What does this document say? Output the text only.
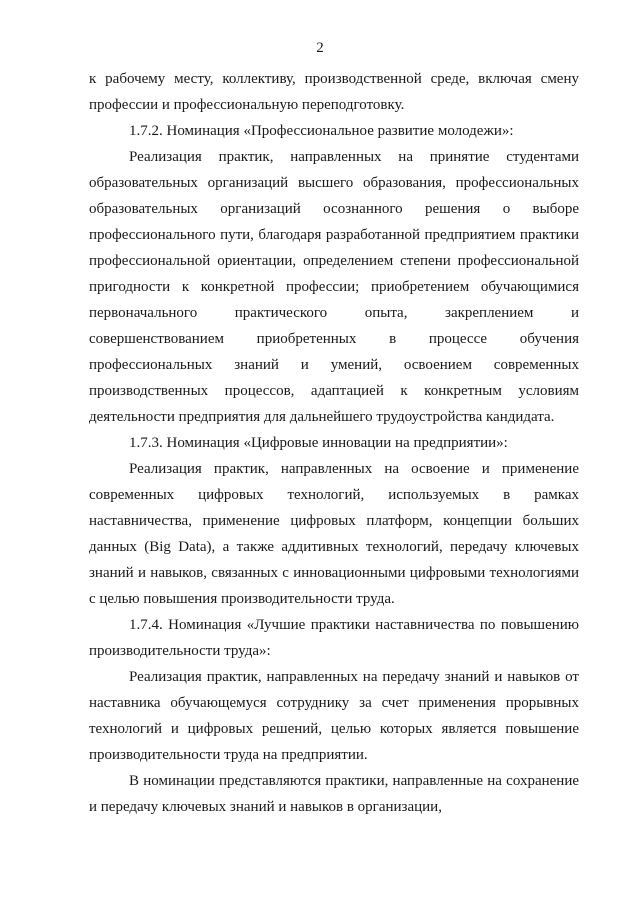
2

к рабочему месту, коллективу, производственной среде, включая смену профессии и профессиональную переподготовку.

1.7.2. Номинация «Профессиональное развитие молодежи»:

Реализация практик, направленных на принятие студентами образовательных организаций высшего образования, профессиональных образовательных организаций осознанного решения о выборе профессионального пути, благодаря разработанной предприятием практики профессиональной ориентации, определением степени профессиональной пригодности к конкретной профессии; приобретением обучающимися первоначального практического опыта, закреплением и совершенствованием приобретенных в процессе обучения профессиональных знаний и умений, освоением современных производственных процессов, адаптацией к конкретным условиям деятельности предприятия для дальнейшего трудоустройства кандидата.

1.7.3. Номинация «Цифровые инновации на предприятии»:

Реализация практик, направленных на освоение и применение современных цифровых технологий, используемых в рамках наставничества, применение цифровых платформ, концепции больших данных (Big Data), а также аддитивных технологий, передачу ключевых знаний и навыков, связанных с инновационными цифровыми технологиями с целью повышения производительности труда.

1.7.4. Номинация «Лучшие практики наставничества по повышению производительности труда»:

Реализация практик, направленных на передачу знаний и навыков от наставника обучающемуся сотруднику за счет применения прорывных технологий и цифровых решений, целью которых является повышение производительности труда на предприятии.

В номинации представляются практики, направленные на сохранение и передачу ключевых знаний и навыков в организации,
